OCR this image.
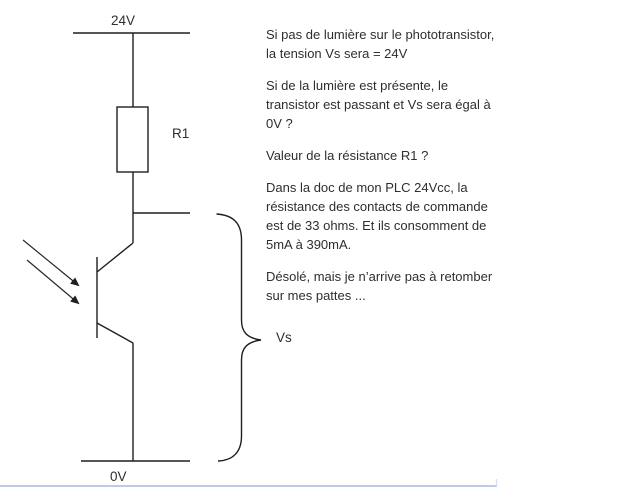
24V
R1
Vs
0V
Si pas de lumière sur le phototransistor,
la tension Vs sera = 24V
Si de la lumière est présente, le
transistor est passant et Vs sera égal à
0V ?
Valeur de la résistance R1 ?
Dans la doc de mon PLC 24Vcc, la
résistance des contacts de commande
est de 33 ohms. Et ils consomment de
5mA à 390mA.
Désolé, mais je n’arrive pas à retomber
sur mes pattes ...
